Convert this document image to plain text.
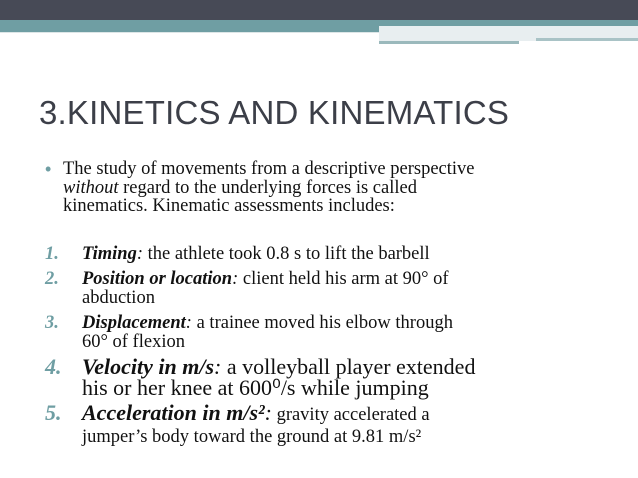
3.KINETICS AND KINEMATICS
• The study of movements from a descriptive perspective
without regard to the underlying forces is called
kinematics. Kinematic assessments includes:
1. Timing: the athlete took 0.8 s to lift the barbell
2. Position or location: client held his arm at 90° of
abduction
3. Displacement: a trainee moved his elbow through
60° of flexion
4. Velocity in m/s: a volleyball player extended
his or her knee at 600⁰/s while jumping
5. Acceleration in m/s²: gravity accelerated a
jumper’s body toward the ground at 9.81 m/s²
